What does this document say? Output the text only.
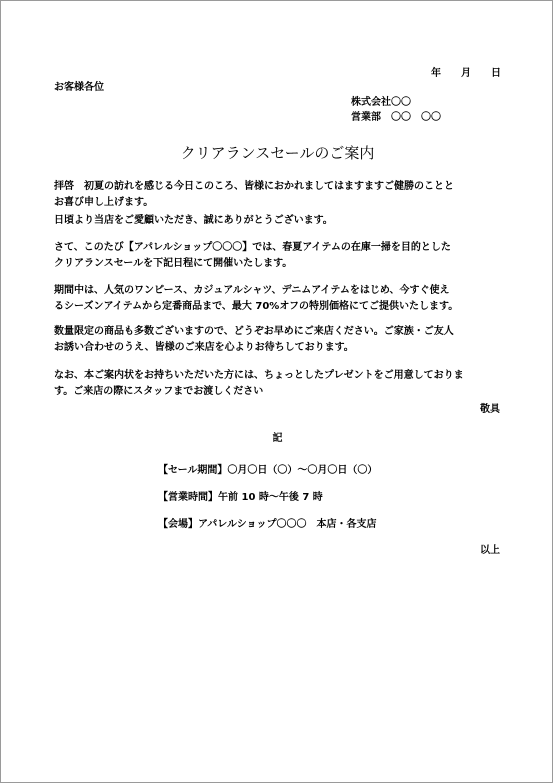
年 月 日
お客様各位
株式会社〇〇
営業部　〇〇　〇〇
クリアランスセールのご案内
拝啓　初夏の訪れを感じる今日このころ、皆様におかれましてはますますご健勝のことと
お喜び申し上げます。
日頃より当店をご愛顧いただき、誠にありがとうございます。
さて、このたび【アパレルショップ〇〇〇】では、春夏アイテムの在庫一掃を目的とした
クリアランスセールを下記日程にて開催いたします。
期間中は、人気のワンピース、カジュアルシャツ、デニムアイテムをはじめ、今すぐ使え
るシーズンアイテムから定番商品まで、最大 70%オフの特別価格にてご提供いたします。
数量限定の商品も多数ございますので、どうぞお早めにご来店ください。ご家族・ご友人
お誘い合わせのうえ、皆様のご来店を心よりお待ちしております。
なお、本ご案内状をお持ちいただいた方には、ちょっとしたプレゼントをご用意しておりま
す。ご来店の際にスタッフまでお渡しください
敬具
記
【セール期間】〇月〇日（〇）～〇月〇日（〇）
【営業時間】午前 10 時～午後 7 時
【会場】アパレルショップ〇〇〇　本店・各支店
以上
